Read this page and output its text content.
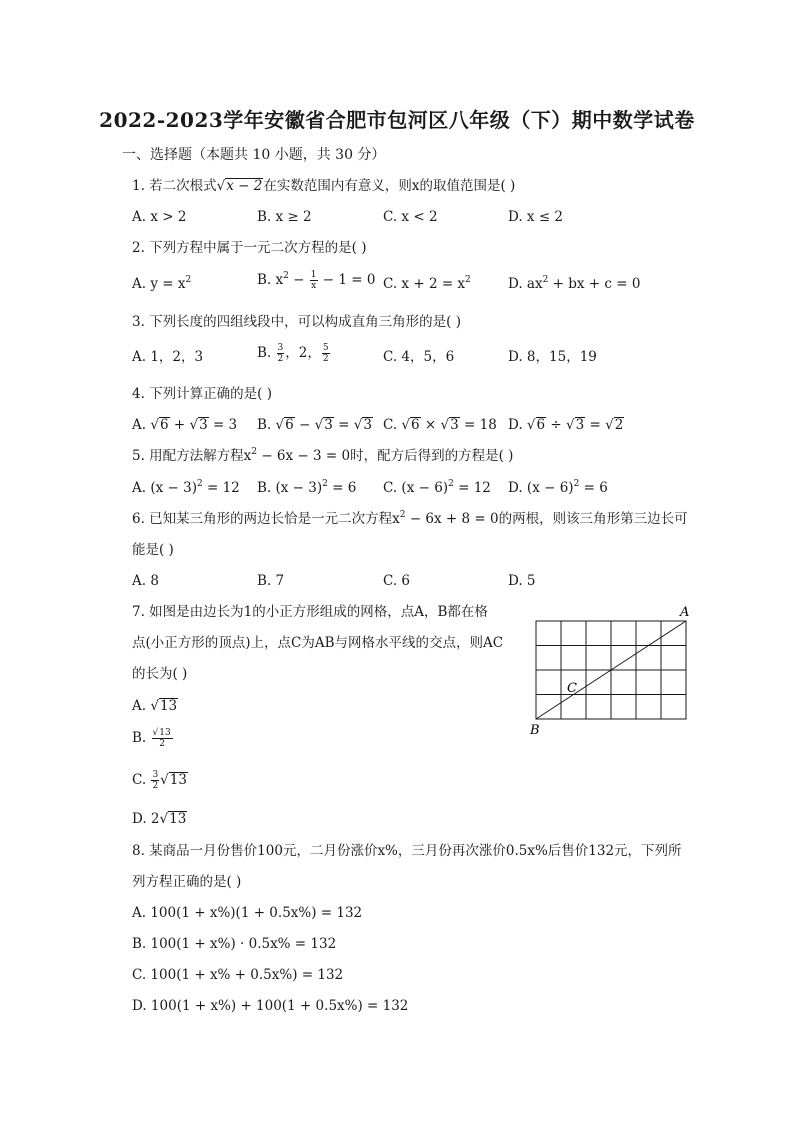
2022-2023学年安徽省合肥市包河区八年级（下）期中数学试卷
一、选择题（本题共 10 小题，共 30 分）
1. 若二次根式√x − 2在实数范围内有意义，则x的取值范围是( )
A. x > 2	B. x ≥ 2	C. x < 2	D. x ≤ 2
2. 下列方程中属于一元二次方程的是( )
A. $y = x^2$	B. $x^2 - \frac{1}{x} - 1 = 0$ C. $x + 2 = x^2$	D. $ax^2$ + bx + c = 0
3. 下列长度的四组线段中，可以构成直角三角形的是( )
A. 1，2，3	B. $\frac{3}{2}$ ，2， $\frac{5}{2}$	C. 4，5，6	D. 8，15，19
4. 下列计算正确的是( )
A. √6 + √3 = 3 B. √6 − √3 = √3 C. √6 × √3 = 18 D. √6 ÷ √3 = √2
5. 用配方法解方程$x^2 - 6x - 3 = 0$时，配方后得到的方程是( )
A. $(x - 3)^2 = 12$ B. $(x - 3)^2 = 6$ C. $(x - 6)^2 = 12$ D. $(x - 6)^2 = 6$
6. 已知某三角形的两边长恰是一元二次方程$x^2 - 6x + 8 = 0$的两根，则该三角形第三边长可
能是( )
A. 8	B. 7	C. 6	D. 5
7. 如图是由边长为1的小正方形组成的网格，点A，B都在格
点(小正方形的顶点)上，点C为AB与网格水平线的交点，则AC
的长为( )
A. √13
B. $\frac{√13}{2}$
C. $\frac{3}{2} √13$
D. 2√13
A
B
C
8. 某商品一月份售价100元，二月份涨价x%，三月份再次涨价0.5x%后售价132元，下列所
列方程正确的是( )
A. 100(1 + x%)(1 + 0.5x%) = 132
B. 100(1 + x%) · 0.5x% = 132
C. 100(1 + x% + 0.5x%) = 132
D. 100(1 + x%) + 100(1 + 0.5x%) = 132
